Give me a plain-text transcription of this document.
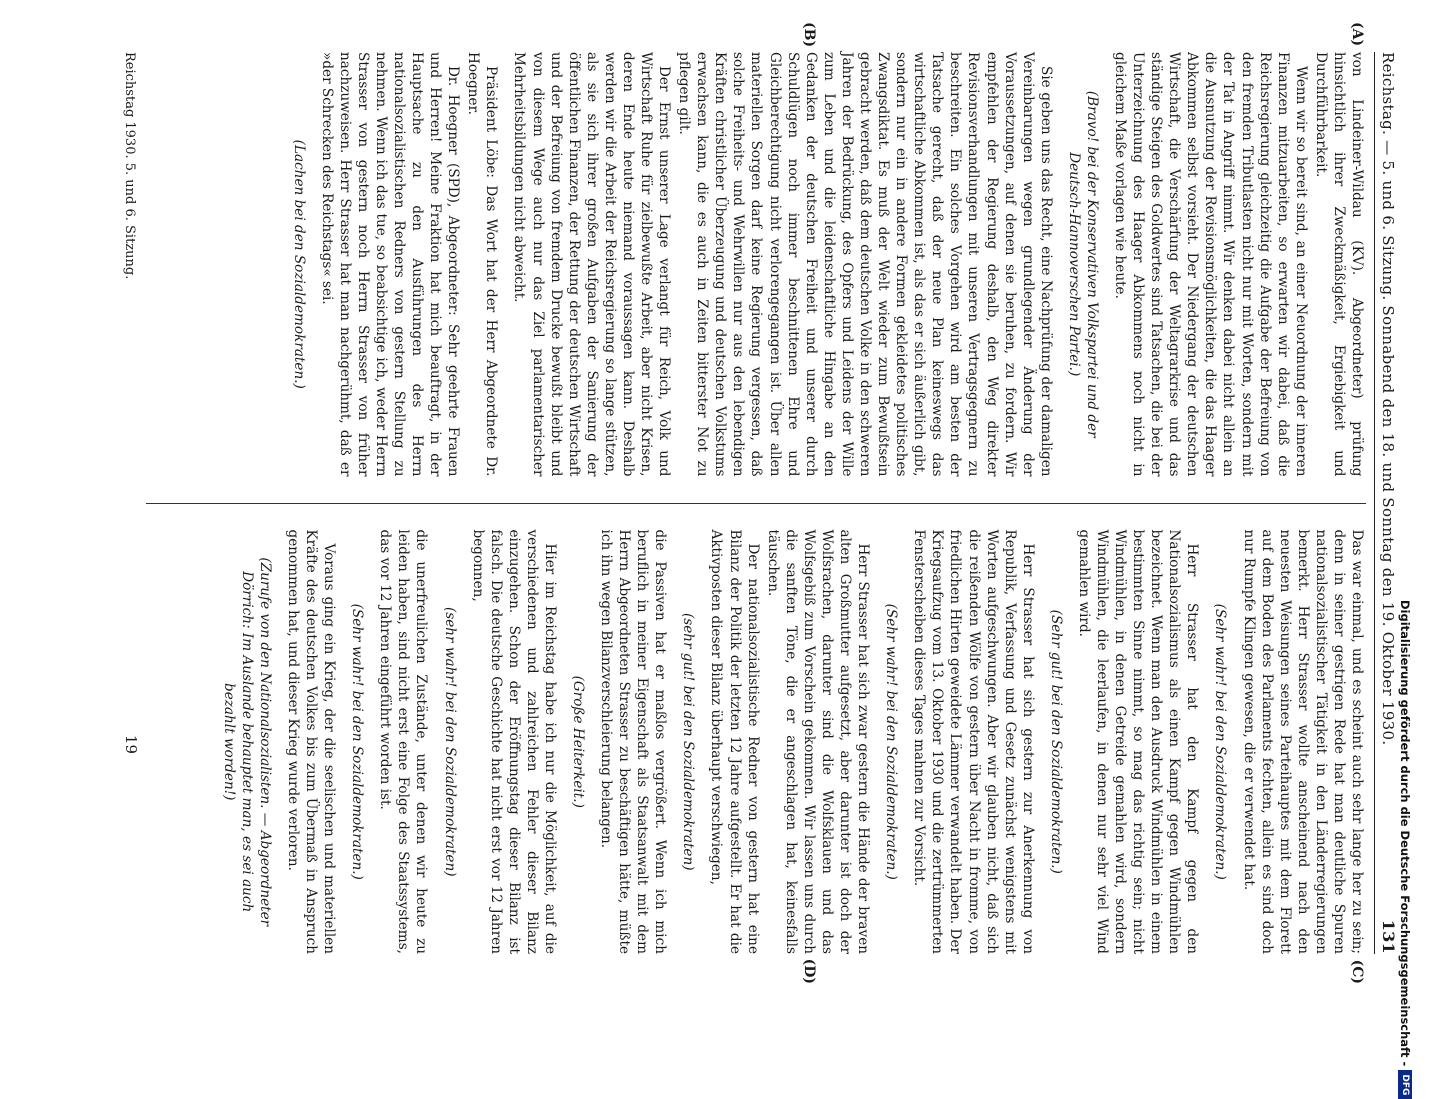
Reichstag. — 5. und 6. Sitzung. Sonnabend den 18. und Sonntag den 19. Oktober 1930.
131
(A)
(B)

von Lindeiner-Wildau (KV). Abgeordneter) prüfung hinsichtlich ihrer Zweckmäßigkeit, Ergiebigkeit und Durchführbarkeit.

Wenn wir so bereit sind, an einer Neuordnung der inneren Finanzen mitzuarbeiten, so erwarten wir dabei, daß die Reichsregierung gleichzeitig die Aufgabe der Befreiung von den fremden Tributlasten nicht nur mit Worten, sondern mit der Tat in Angriff nimmt. Wir denken dabei nicht allein an die Ausnutzung der Revisionsmöglichkeiten, die das Haager Abkommen selbst vorsieht. Der Niedergang der deutschen Wirtschaft, die Verschärfung der Weltagrarkrise und das ständige Steigen des Goldwertes sind Tatsachen, die bei der Unterzeichnung des Haager Abkommens noch nicht in gleichem Maße vorlagen wie heute.

(Bravo! bei der Konservativen Volkspartei und der Deutsch-Hannoverschen Partei.)

Sie geben uns das Recht, eine Nachprüfung der damaligen Vereinbarungen wegen grundlegender Änderung der Voraussetzungen, auf denen sie beruhen, zu fordern. Wir empfehlen der Regierung deshalb, den Weg direkter Revisionsverhandlungen mit unseren Vertragsgegnern zu beschreiten. Ein solches Vorgehen wird am besten der Tatsache gerecht, daß der neue Plan keineswegs das wirtschaftliche Abkommen ist, als das er sich äußerlich gibt, sondern nur ein in andere Formen gekleidetes politisches Zwangsdiktat. Es muß der Welt wieder zum Bewußtsein gebracht werden, daß dem deutschen Volke in den schweren Jahren der Bedrückung, des Opfers und Leidens der Wille zum Leben und die leidenschaftliche Hingabe an den Gedanken der deutschen Freiheit und unserer durch Schuldlügen noch immer beschnittenen Ehre und Gleichberechtigung nicht verlorengegangen ist. Über allen materiellen Sorgen darf keine Regierung vergessen, daß solche Freiheits- und Wehrwillen nur aus den lebendigen Kräften christlicher Überzeugung und deutschen Volkstums erwachsen kann, die es auch in Zeiten bitterster Not zu pflegen gilt.

Der Ernst unserer Lage verlangt für Reich, Volk und Wirtschaft Ruhe für zielbewußte Arbeit, aber nicht Krisen, deren Ende heute niemand voraussagen kann. Deshalb werden wir die Arbeit der Reichsregierung so lange stützen, als sie sich ihrer großen Aufgaben der Sanierung der öffentlichen Finanzen, der Rettung der deutschen Wirtschaft und der Befreiung von fremdem Drucke bewußt bleibt und von diesem Wege auch nur das Ziel parlamentarischer Mehrheitsbildungen nicht abweicht.

Präsident Löbe: Das Wort hat der Herr Abgeordnete Dr. Hoegner.

Dr. Hoegner (SPD), Abgeordneter: Sehr geehrte Frauen und Herren! Meine Fraktion hat mich beauftragt, in der Hauptsache zu den Ausführungen des Herrn nationalsozialistischen Redners von gestern Stellung zu nehmen. Wenn ich das tue, so beabsichtige ich, weder Herrn Strasser von gestern noch Herrn Strasser von früher nachzuweisen. Herr Strasser hat man nachgerühmt, daß er »der Schrecken des Reichstags« sei.

(Lachen bei den Sozialdemokraten.)

(C)
(D)

Das war einmal, und es scheint auch sehr lange her zu sein; denn in seiner gestrigen Rede hat man deutliche Spuren nationalsozialistischer Tätigkeit in den Länderregierungen bemerkt. Herr Strasser wollte anscheinend nach den neuesten Weisungen seines Parteihauptes mit dem Florett auf dem Boden des Parlaments fechten, allein es sind doch nur Rumpfe Klingen gewesen, die er verwendet hat.

(Sehr wahr! bei den Sozialdemokraten.)

Herr Strasser hat den Kampf gegen den Nationalsozialismus als einen Kampf gegen Windmühlen bezeichnet. Wenn man den Ausdruck Windmühlen in einem bestimmten Sinne nimmt, so mag das richtig sein; nicht Windmühlen, in denen Getreide gemahlen wird, sondern Windmühlen, die leerlaufen, in denen nur sehr viel Wind gemahlen wird.

(Sehr gut! bei den Sozialdemokraten.)

Herr Strasser hat sich gestern zur Anerkennung von Republik, Verfassung und Gesetz zunächst wenigstens mit Worten aufgeschwungen. Aber wir glauben nicht, daß sich die reißenden Wölfe von gestern über Nacht in fromme, von friedlichen Hirten geweidete Lämmer verwandelt haben. Der Kriegsaufzug vom 13. Oktober 1930 und die zertrümmerten Fensterscheiben dieses Tages mahnen zur Vorsicht.

(Sehr wahr! bei den Sozialdemokraten.)

Herr Strasser hat sich zwar gestern die Hände der braven alten Großmutter aufgesetzt, aber darunter ist doch der Wolfsrachen, darunter sind die Wolfsklauen und das Wolfsgebiß zum Vorschein gekommen. Wir lassen uns durch die sanften Töne, die er angeschlagen hat, keinesfalls täuschen.

Der nationalsozialistische Redner von gestern hat eine Bilanz der Politik der letzten 12 Jahre aufgestellt. Er hat die Aktivposten dieser Bilanz überhaupt verschwiegen,

(sehr gut! bei den Sozialdemokraten)

die Passiven hat er maßlos vergrößert. Wenn ich mich beruflich in meiner Eigenschaft als Staatsanwalt mit dem Herrn Abgeordneten Strasser zu beschäftigen hätte, müßte ich ihn wegen Bilanzverschleierung belangen.

(Große Heiterkeit.)

Hier im Reichstag habe ich nur die Möglichkeit, auf die verschiedenen und zahlreichen Fehler dieser Bilanz einzugehen. Schon der Eröffnungstag dieser Bilanz ist falsch. Die deutsche Geschichte hat nicht erst vor 12 Jahren begonnen,

(sehr wahr! bei den Sozialdemokraten)

die unerfreulichen Zustände, unter denen wir heute zu leiden haben, sind nicht erst eine Folge des Staatssystems, das vor 12 Jahren eingeführt worden ist.

(Sehr wahr! bei den Sozialdemokraten.)

Voraus ging ein Krieg, der die seelischen und materiellen Kräfte des deutschen Volkes bis zum Übermaß in Anspruch genommen hat, und dieser Krieg wurde verloren.

(Zurufe von den Nationalsozialisten. — Abgeordneter Dörrich: Im Auslande behauptet man, es sei auch bezahlt worden!)

Reichstag 1930. 5. und 6. Sitzung.
19	Digitalisierung gefördert durch die Deutsche Forschungsgemeinschaft -
DFG
